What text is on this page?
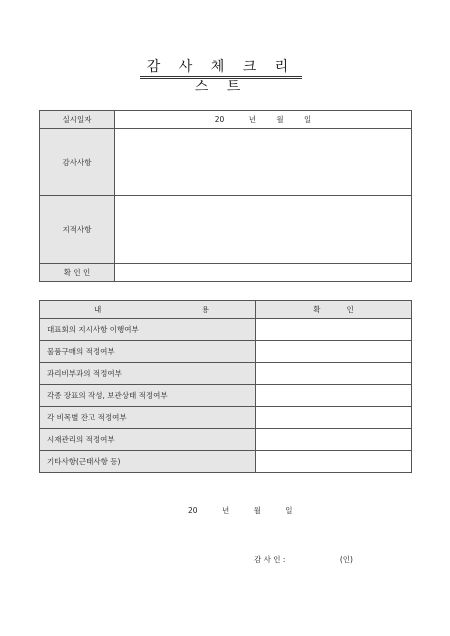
감 사 체 크 리 스 트
실시일자	20 년 월 일
감사사항	
지적사항	
확 인 인	
내 용	확 인

대표회의 지시사항 이행여부	
물품구매의 적정여부	
과리비부과의 적정여부	
각종 장표의 작성, 보관상태 적정여부	
각 비목별 잔고 적정여부	
시재관리의 적정여부	
기타사항(근태사항 등)	
20	년	월	일
감 사 인 :	(인)
